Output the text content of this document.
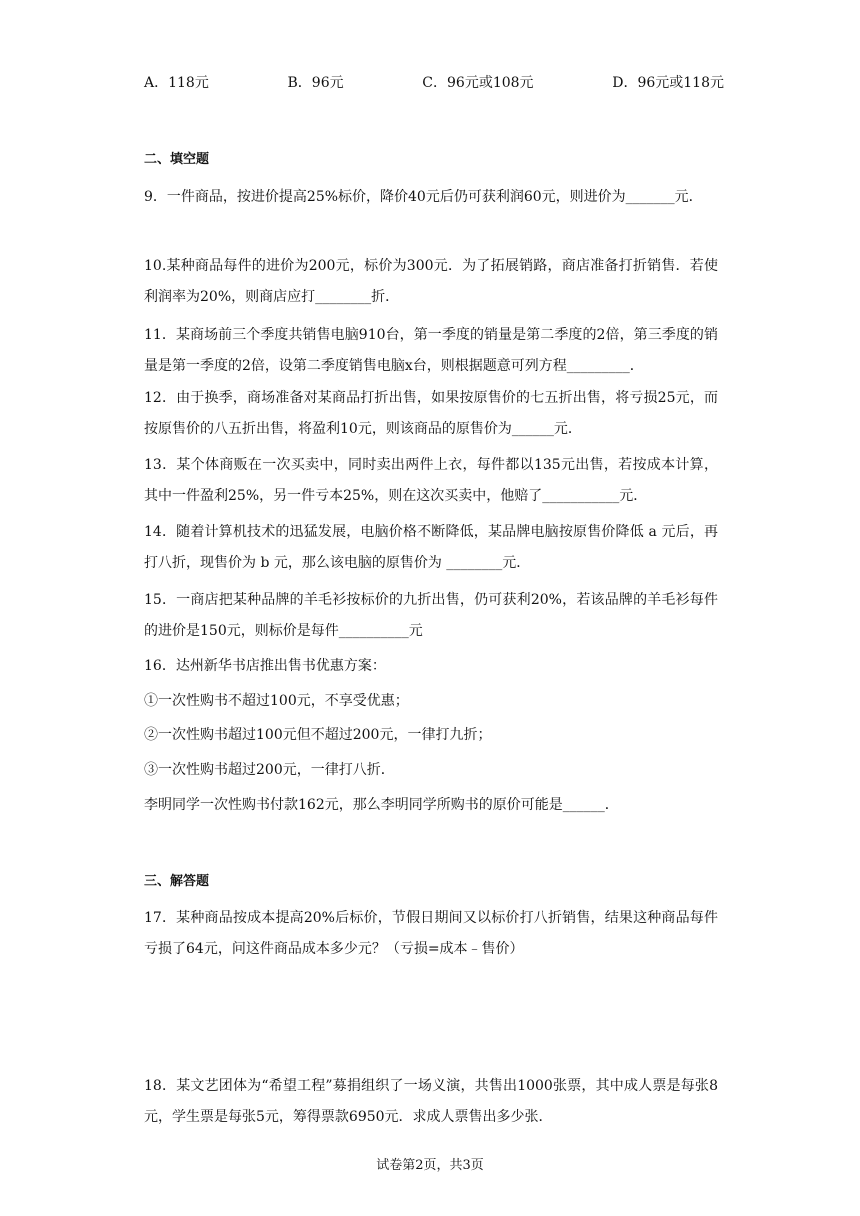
A．118元	B．96元	C．96元或108元	D．96元或118元
二、填空题
9．一件商品，按进价提高25%标价，降价40元后仍可获利润60元，则进价为_______元．
10.某种商品每件的进价为200元，标价为300元．为了拓展销路，商店准备打折销售．若使利润率为20%，则商店应打________折．
11．某商场前三个季度共销售电脑910台，第一季度的销量是第二季度的2倍，第三季度的销量是第一季度的2倍，设第二季度销售电脑x台，则根据题意可列方程_________．
12．由于换季，商场准备对某商品打折出售，如果按原售价的七五折出售，将亏损25元，而按原售价的八五折出售，将盈利10元，则该商品的原售价为______元．
13．某个体商贩在一次买卖中，同时卖出两件上衣，每件都以135元出售，若按成本计算，其中一件盈利25%，另一件亏本25%，则在这次买卖中，他赔了___________元．
14．随着计算机技术的迅猛发展，电脑价格不断降低，某品牌电脑按原售价降低 a 元后，再打八折，现售价为 b 元，那么该电脑的原售价为 ________元．
15．一商店把某种品牌的羊毛衫按标价的九折出售，仍可获利20%，若该品牌的羊毛衫每件的进价是150元，则标价是每件__________元
16．达州新华书店推出售书优惠方案：
①一次性购书不超过100元，不享受优惠；
②一次性购书超过100元但不超过200元，一律打九折；
③一次性购书超过200元，一律打八折．
李明同学一次性购书付款162元，那么李明同学所购书的原价可能是______．
三、解答题
17．某种商品按成本提高20%后标价，节假日期间又以标价打八折销售，结果这种商品每件亏损了64元，问这件商品成本多少元？（亏损=成本﹣售价）
18．某文艺团体为“希望工程”募捐组织了一场义演，共售出1000张票，其中成人票是每张8元，学生票是每张5元，筹得票款6950元．求成人票售出多少张．
试卷第2页，共3页
